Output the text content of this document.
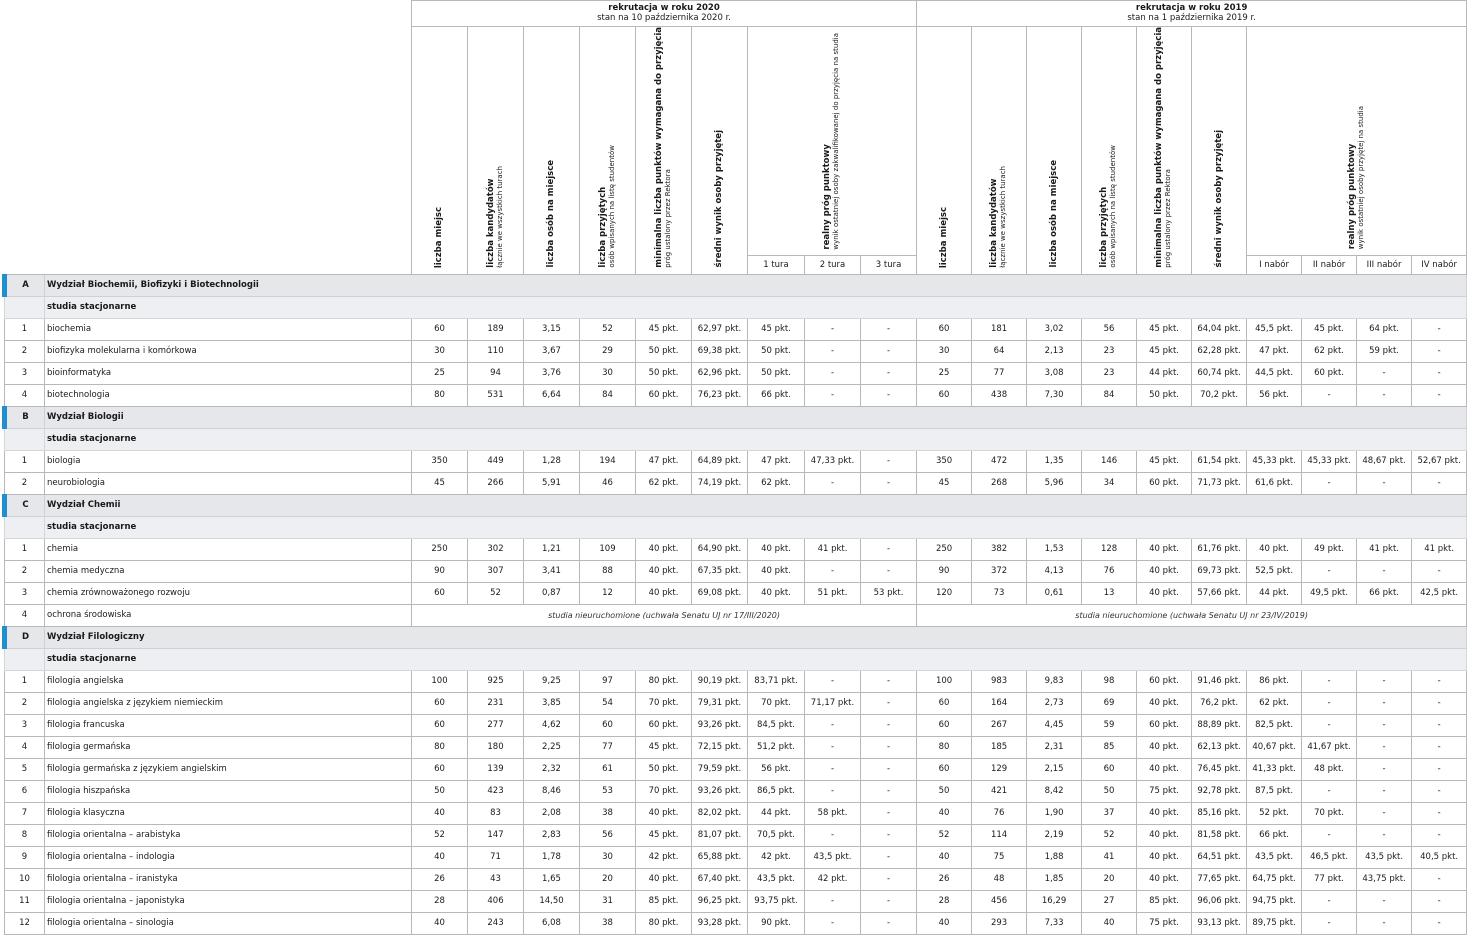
		rekrutacja w roku 2020
stan na 10 października 2020 r.									rekrutacja w roku 2019
stan na 1 października 2019 r.									

		liczba miejsc	liczba kandydatów łącznie we wszystkich turach	liczba osób na miejsce	liczba przyjętych osób wpisanych na listę studentów	minimalna liczba punktów wymagana do przyjęcia próg ustalony przez Rektora	średni wynik osoby przyjętej	realny próg punktowy wynik ostatniej osoby zakwalifikowanej do przyjęcia na studia			liczba miejsc	liczba kandydatów łącznie we wszystkich turach	liczba osób na miejsce	liczba przyjętych osób wpisanych na listę studentów	minimalna liczba punktów wymagana do przyjęcia próg ustalony przez Rektora	średni wynik osoby przyjętej	realny próg punktowy wynik ostatniej osoby przyjętej na studia			

								1 tura	2 tura	3 tura							I nabór	II nabór	III nabór	IV nabór
A	Wydział Biochemii, Biofizyki i Biotechnologii																			
	studia stacjonarne																			
1	biochemia	60	189	3,15	52	45 pkt.	62,97 pkt.	45 pkt.	-	-	60	181	3,02	56	45 pkt.	64,04 pkt.	45,5 pkt.	45 pkt.	64 pkt.	-
2	biofizyka molekularna i komórkowa	30	110	3,67	29	50 pkt.	69,38 pkt.	50 pkt.	-	-	30	64	2,13	23	45 pkt.	62,28 pkt.	47 pkt.	62 pkt.	59 pkt.	-
3	bioinformatyka	25	94	3,76	30	50 pkt.	62,96 pkt.	50 pkt.	-	-	25	77	3,08	23	44 pkt.	60,74 pkt.	44,5 pkt.	60 pkt.	-	-
4	biotechnologia	80	531	6,64	84	60 pkt.	76,23 pkt.	66 pkt.	-	-	60	438	7,30	84	50 pkt.	70,2 pkt.	56 pkt.	-	-	-
B	Wydział Biologii																			
	studia stacjonarne																			
1	biologia	350	449	1,28	194	47 pkt.	64,89 pkt.	47 pkt.	47,33 pkt.	-	350	472	1,35	146	45 pkt.	61,54 pkt.	45,33 pkt.	45,33 pkt.	48,67 pkt.	52,67 pkt.
2	neurobiologia	45	266	5,91	46	62 pkt.	74,19 pkt.	62 pkt.	-	-	45	268	5,96	34	60 pkt.	71,73 pkt.	61,6 pkt.	-	-	-
C	Wydział Chemii																			
	studia stacjonarne																			
1	chemia	250	302	1,21	109	40 pkt.	64,90 pkt.	40 pkt.	41 pkt.	-	250	382	1,53	128	40 pkt.	61,76 pkt.	40 pkt.	49 pkt.	41 pkt.	41 pkt.
2	chemia medyczna	90	307	3,41	88	40 pkt.	67,35 pkt.	40 pkt.	-	-	90	372	4,13	76	40 pkt.	69,73 pkt.	52,5 pkt.	-	-	-
3	chemia zrównoważonego rozwoju	60	52	0,87	12	40 pkt.	69,08 pkt.	40 pkt.	51 pkt.	53 pkt.	120	73	0,61	13	40 pkt.	57,66 pkt.	44 pkt.	49,5 pkt.	66 pkt.	42,5 pkt.
4	ochrona środowiska	studia nieuruchomione (uchwała Senatu UJ nr 17/III/2020)									studia nieuruchomione (uchwała Senatu UJ nr 23/IV/2019)									
D	Wydział Filologiczny																			
	studia stacjonarne																			
1	filologia angielska	100	925	9,25	97	80 pkt.	90,19 pkt.	83,71 pkt.	-	-	100	983	9,83	98	60 pkt.	91,46 pkt.	86 pkt.	-	-	-
2	filologia angielska z językiem niemieckim	60	231	3,85	54	70 pkt.	79,31 pkt.	70 pkt.	71,17 pkt.	-	60	164	2,73	69	40 pkt.	76,2 pkt.	62 pkt.	-	-	-
3	filologia francuska	60	277	4,62	60	60 pkt.	93,26 pkt.	84,5 pkt.	-	-	60	267	4,45	59	60 pkt.	88,89 pkt.	82,5 pkt.	-	-	-
4	filologia germańska	80	180	2,25	77	45 pkt.	72,15 pkt.	51,2 pkt.	-	-	80	185	2,31	85	40 pkt.	62,13 pkt.	40,67 pkt.	41,67 pkt.	-	-
5	filologia germańska z językiem angielskim	60	139	2,32	61	50 pkt.	79,59 pkt.	56 pkt.	-	-	60	129	2,15	60	40 pkt.	76,45 pkt.	41,33 pkt.	48 pkt.	-	-
6	filologia hiszpańska	50	423	8,46	53	70 pkt.	93,26 pkt.	86,5 pkt.	-	-	50	421	8,42	50	75 pkt.	92,78 pkt.	87,5 pkt.	-	-	-
7	filologia klasyczna	40	83	2,08	38	40 pkt.	82,02 pkt.	44 pkt.	58 pkt.	-	40	76	1,90	37	40 pkt.	85,16 pkt.	52 pkt.	70 pkt.	-	-
8	filologia orientalna – arabistyka	52	147	2,83	56	45 pkt.	81,07 pkt.	70,5 pkt.	-	-	52	114	2,19	52	40 pkt.	81,58 pkt.	66 pkt.	-	-	-
9	filologia orientalna – indologia	40	71	1,78	30	42 pkt.	65,88 pkt.	42 pkt.	43,5 pkt.	-	40	75	1,88	41	40 pkt.	64,51 pkt.	43,5 pkt.	46,5 pkt.	43,5 pkt.	40,5 pkt.
10	filologia orientalna – iranistyka	26	43	1,65	20	40 pkt.	67,40 pkt.	43,5 pkt.	42 pkt.	-	26	48	1,85	20	40 pkt.	77,65 pkt.	64,75 pkt.	77 pkt.	43,75 pkt.	-
11	filologia orientalna – japonistyka	28	406	14,50	31	85 pkt.	96,25 pkt.	93,75 pkt.	-	-	28	456	16,29	27	85 pkt.	96,06 pkt.	94,75 pkt.	-	-	-
12	filologia orientalna – sinologia	40	243	6,08	38	80 pkt.	93,28 pkt.	90 pkt.	-	-	40	293	7,33	40	75 pkt.	93,13 pkt.	89,75 pkt.	-	-	-
